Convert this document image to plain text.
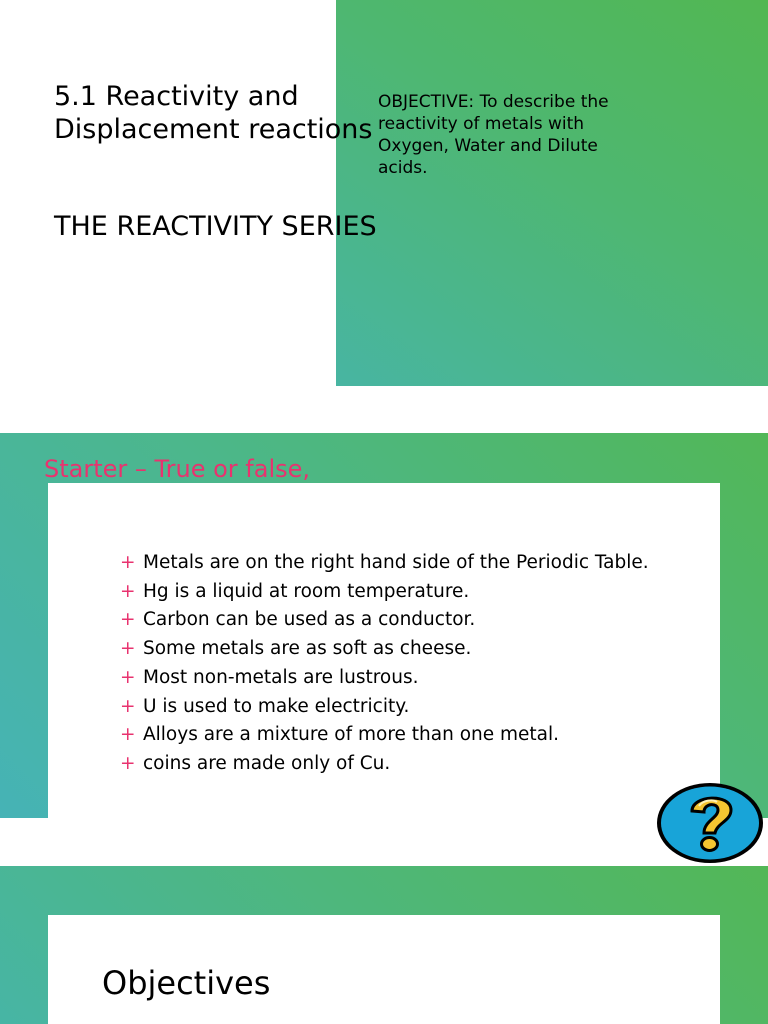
5.1 Reactivity and
Displacement reactions
THE REACTIVITY SERIES
OBJECTIVE: To describe the reactivity of metals with Oxygen, Water and Dilute acids.
Starter – True or false,
+ Metals are on the right hand side of the Periodic Table.
+ Hg is a liquid at room temperature.
+ Carbon can be used as a conductor.
+ Some metals are as soft as cheese.
+ Most non-metals are lustrous.
+ U is used to make electricity.
+ Alloys are a mixture of more than one metal.
+ coins are made only of Cu.
Objectives
